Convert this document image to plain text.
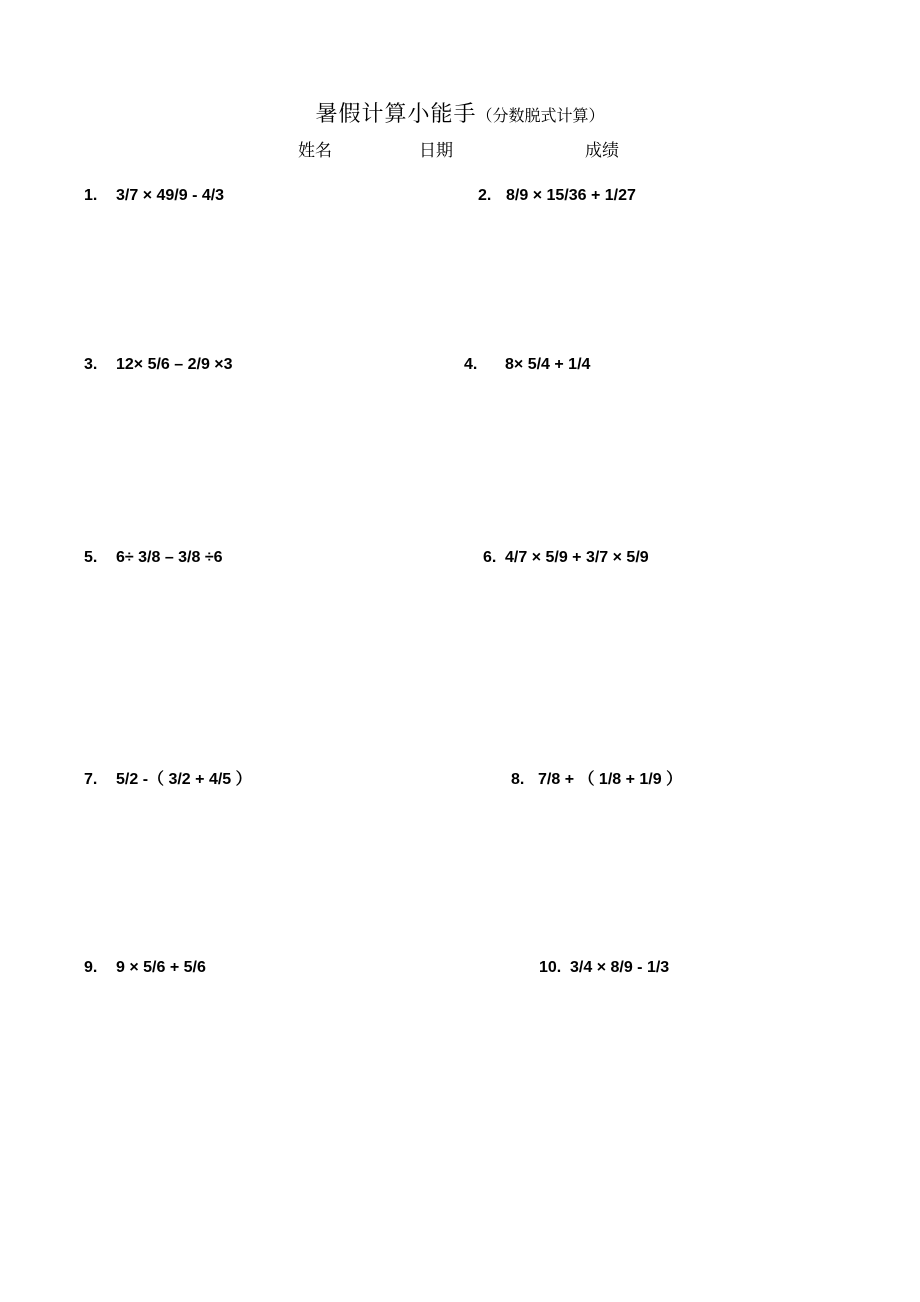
暑假计算小能手（分数脱式计算）
姓名	日期	成绩
1. 3/7 × 49/9 - 4/3	2. 8/9 × 15/36 + 1/27
3. 12× 5/6 – 2/9 ×3	4. 8× 5/4 + 1/4
5. 6÷ 3/8 – 3/8 ÷6	6. 4/7 × 5/9 + 3/7 × 5/9
7. 5/2 -（ 3/2 + 4/5 ）	8. 7/8 + （ 1/8 + 1/9 ）
9. 9 × 5/6 + 5/6	10. 3/4 × 8/9 - 1/3
